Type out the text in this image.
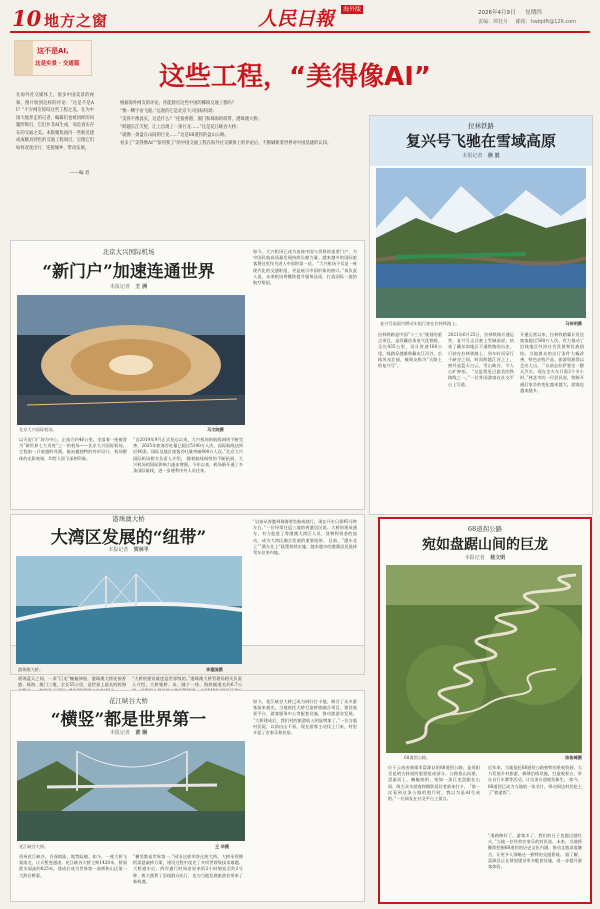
10 地方之窗	人民日報 $^{海外版}$	2026年4月9日 星期四
责编：谭桂月 邮箱：hwbjdft@126.com
这不是AI,
这是实景 · 交通篇
在海外社交媒体上，很多中国美景的视频、图片收到这样的评论：“这是不是AI？”不少网友惊叹这些工程之美。在为中国大地奔走的记者、编辑们也被同样的问题所吸引，它们并非AI生成，而是真实存在的交通之美。本版聚焦国内一些新近建成或颇具特色的交通工程项目，呈现它们如何改变出行、连接城乡、带动发展。
——编 者
这些工程，“美得像AI”
根据海外网友的评论，你能猜出这些中国的哪项交通工程吗？
“像一颗宇宙飞船。”远观的它是北京大兴国际机场；
“美得不像真实，这是什么？”连接香港、澳门和珠海的纽带，港珠澳大桥；
“跨越长江天堑，江上出现了一条巨龙……”这是花江峡谷大桥；
“就像一条盘在山间的巨龙……”这是68道拐的盘山公路。
看多了“美得像AI”“惊到我了”的中国交通工程在海外社交媒体上的评论后，不断刷新着世界对中国基建的认知。
拉林铁路
复兴号飞驰在雪域高原
本报记者 徐 驳
复兴号高原内燃动车组行驶在拉林铁路上。	马伟明摄
拉林铁路是中国“十三五”规划的重点项目，是西藏首条电气化铁路，全长435公里，设计时速160公里。线路穿越雅鲁藏布江河谷，沿线风光壮丽，被网友称为“天路上的复兴号”。
2021年6月25日，拉林铁路开通运营，复兴号正式驶上雪域高原，结束了藏东南地区不通铁路的历史。行驶在拉林铁路上，列车时而穿行于峡谷之间，时而跨越江河之上，窗外是蓝天白云、雪山峡谷，令人心旷神怡。 “这是我见过最美的铁路线之一。”一位外国游客在社交平台上写道。
开通运营以来，拉林铁路累计发送旅客超过500万人次，有力推动了沿线地区经济社会发展和民族团结。当地群众的出行条件大幅改善，特色农牧产品、旅游资源得以走出大山。 “以前去拉萨要坐一整天汽车，现在坐火车只需3个多小时。”林芝市的一位居民说，铁路开通后家乡的变化越来越大，游客也越来越多。
北京大兴国际机场
“新门户”加速连通世界
本报记者 王 洲
北京大兴国际机场。	马文晓摄
以天安门广场为中心，正南方约46公里，坐落着一座被誉为“新世界七大奇迹”之一的机场——北京大兴国际机场。它犹如一只展翅的凤凰，航站楼独特的外形设计、机场整体的光影效果，均给人留下深刻印象。
“自2019年9月正式投运以来，大兴机场的航线网络不断完善，2025年旅客吞吐量已超过5100万人次，国际航线达到近40条，国际及地区旅客吞吐量突破400万人次。”北京大兴国际机场相关负责人介绍。 随着航线网络的不断拓展，大兴机场的国际影响力逐步增强。今年以来，机场新开通了多条国际航线，进一步便利中外人员往来。
如今，大兴机场已成为连接中国与世界的重要门户，为中国民航高质量发展持续贡献力量。越来越多的国际旅客将这里作为进入中国的第一站。 “大兴机场不仅是一座现代化的交通枢纽，更是展示中国形象的窗口。”该负责人说，未来机场将继续提升服务品质，打造国际一流的航空枢纽。
港珠澳大桥
大湾区发展的“纽带”
本报记者 贺林平
“以前从香港到珠海要坐船或绕行，现在开车只需45分钟左右。”一位经常往返三地的香港居民说。大桥的建成通车，有力促进了粤港澳大湾区人员、货物和资金的流动，成为大湾区融合发展的重要纽带。 目前，“港车北上”“澳车北上”政策持续实施，越来越多的港澳居民选择驾车往来内地。
港珠澳大桥。	李建国摄
碧海蓝天之间，一条“巨龙”蜿蜒伸展。港珠澳大桥连接香港、珠海、澳门三地，全长55公里，是世界上最长的跨海
“大桥的建设难度是世界级的。”港珠澳大桥管理局相关负责人介绍，大桥集桥、岛、隧于一体，海底隧道长约6.7公
花江峡谷大桥
“横竖”都是世界第一
本报记者 黄 娴
花江峡谷大桥。	王 华摄
贵州花江峡谷，谷深坡陡，地势险峻。如今，一座大桥飞架南北，让天堑变通途。花江峡谷大桥主跨1420米，桥面距水面高约625米，建成后成为世界第一高桥和山区第一大跨径桥梁。
“横竖都是世界第一。”网友这样形容这座大桥。大桥采用钢桁梁悬索桥方案，建设过程中攻克了多项世界级技术难题。 大桥通车后，两岸通行时间由原来的2小时缩短至约2分钟，极大便利了沿线群众出行，也为当地发展旅游业带来了新机遇。
如今，花江峡谷大桥已成为网红打卡地，吸引了众多游客前来观光。当地依托大桥打造桥旅融合项目，建设观景平台、游客服务中心等配套设施，推动旅游业发展。 “大桥建成后，我们村的旅游收入明显增加了。”一位当地村民说，以前出山不易，现在游客主动找上门来，村里开起了农家乐和民宿。
68道拐公路
宛如盘踞山间的巨龙
本报记者 杨文明
68道拐公路。	陈俊峰摄
位于云南省曲靖市富源县的68道拐公路，是贵阳至昆明古驿道的重要组成部分。公路依山而建，盘旋而上，蜿蜒曲折，宛如一条巨龙盘踞在山间，吸引众多游客和摄影爱好者前来打卡。 “第一次看到这条公路的照片时，我以为是AI生成的。”一位网友在社交平台上留言。
近年来，当地依托68道拐公路独特的景观资源，大力发展乡村旅游，修缮沿线设施，打造观景台，举办自行车赛等活动，让这条古道焕发新生。 如今，68道拐已成为当地的一张名片，带动周边村民吃上了“旅游饭”。
“道路修好了，游客多了，我们的日子也越过越红火。”当地一位经营农家乐的村民说。未来，当地将继续挖掘68道拐的历史文化内涵，推动文旅深度融合，让更多人领略这一独特的交通景观。 据了解，富源县正在规划建设更多配套设施，进一步提升游客体验。
